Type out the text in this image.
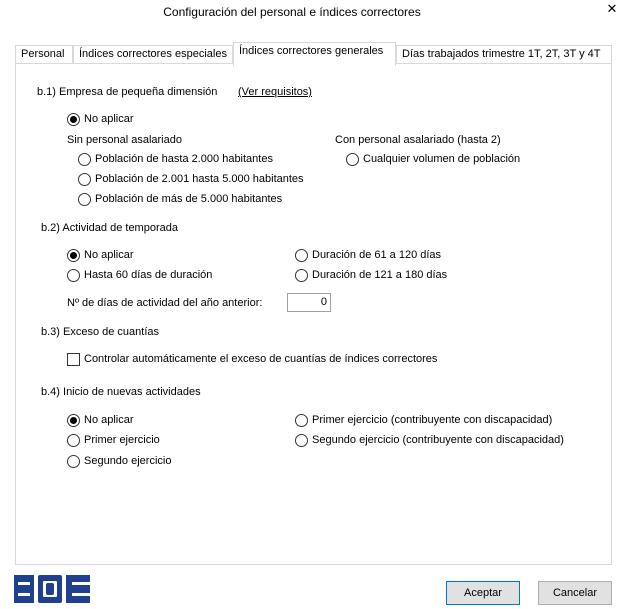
Configuración del personal e índices correctores	✕
Personal	Índices correctores especiales	Índices correctores generales	Días trabajados trimestre 1T, 2T, 3T y 4T
b.1) Empresa de pequeña dimensión (Ver requisitos)
No aplicar
Sin personal asalariado	Con personal asalariado (hasta 2)
Población de hasta 2.000 habitantes
Población de 2.001 hasta 5.000 habitantes
Población de más de 5.000 habitantes
Cualquier volumen de población
b.2) Actividad de temporada
No aplicar
Hasta 60 días de duración
Duración de 61 a 120 días
Duración de 121 a 180 días
Nº de días de actividad del año anterior:	0
b.3) Exceso de cuantías
Controlar automáticamente el exceso de cuantías de índices correctores
b.4) Inicio de nuevas actividades
No aplicar
Primer ejercicio
Segundo ejercicio
Primer ejercicio (contribuyente con discapacidad)
Segundo ejercicio (contribuyente con discapacidad)
BOE
Aceptar	Cancelar
